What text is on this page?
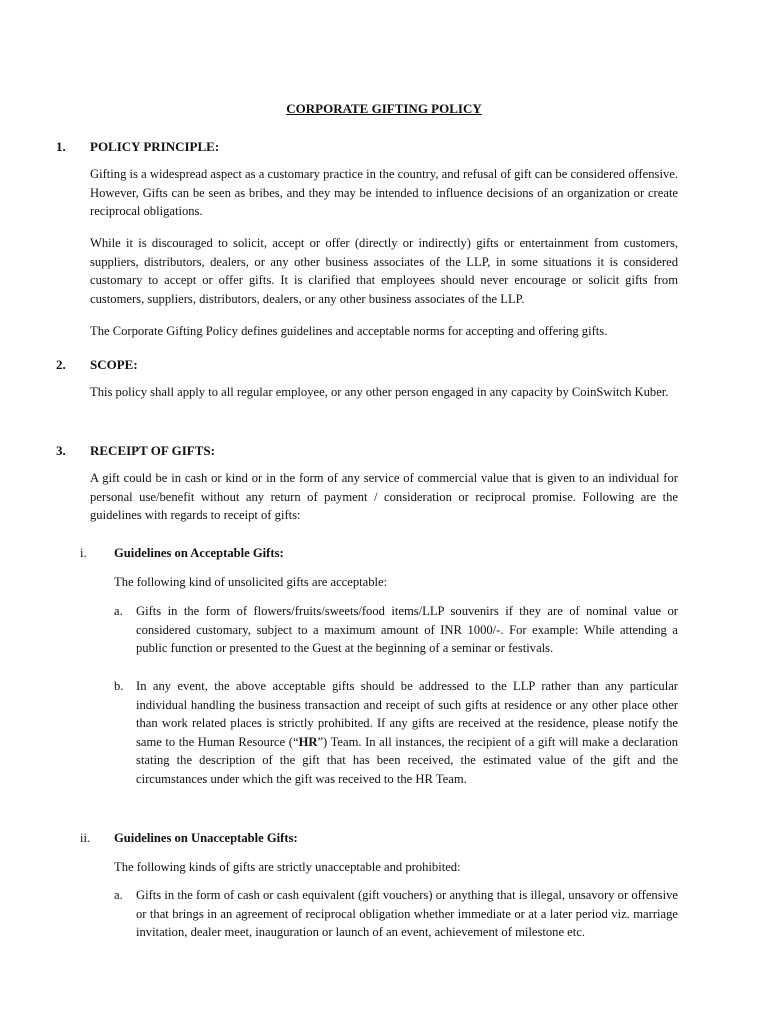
CORPORATE GIFTING POLICY
1. POLICY PRINCIPLE:

Gifting is a widespread aspect as a customary practice in the country, and refusal of gift can be considered offensive. However, Gifts can be seen as bribes, and they may be intended to influence decisions of an organization or create reciprocal obligations.

While it is discouraged to solicit, accept or offer (directly or indirectly) gifts or entertainment from customers, suppliers, distributors, dealers, or any other business associates of the LLP, in some situations it is considered customary to accept or offer gifts. It is clarified that employees should never encourage or solicit gifts from customers, suppliers, distributors, dealers, or any other business associates of the LLP.

The Corporate Gifting Policy defines guidelines and acceptable norms for accepting and offering gifts.

2. SCOPE:

This policy shall apply to all regular employee, or any other person engaged in any capacity by CoinSwitch Kuber.

3. RECEIPT OF GIFTS:

A gift could be in cash or kind or in the form of any service of commercial value that is given to an individual for personal use/benefit without any return of payment / consideration or reciprocal promise. Following are the guidelines with regards to receipt of gifts:

i. Guidelines on Acceptable Gifts:

The following kind of unsolicited gifts are acceptable:

a. Gifts in the form of flowers/fruits/sweets/food items/LLP souvenirs if they are of nominal value or considered customary, subject to a maximum amount of INR 1000/-. For example: While attending a public function or presented to the Guest at the beginning of a seminar or festivals.
b. In any event, the above acceptable gifts should be addressed to the LLP rather than any particular individual handling the business transaction and receipt of such gifts at residence or any other place other than work related places is strictly prohibited. If any gifts are received at the residence, please notify the same to the Human Resource (“HR”) Team. In all instances, the recipient of a gift will make a declaration stating the description of the gift that has been received, the estimated value of the gift and the circumstances under which the gift was received to the HR Team.
ii. Guidelines on Unacceptable Gifts:

The following kinds of gifts are strictly unacceptable and prohibited:

a. Gifts in the form of cash or cash equivalent (gift vouchers) or anything that is illegal, unsavory or offensive or that brings in an agreement of reciprocal obligation whether immediate or at a later period viz. marriage invitation, dealer meet, inauguration or launch of an event, achievement of milestone etc.
